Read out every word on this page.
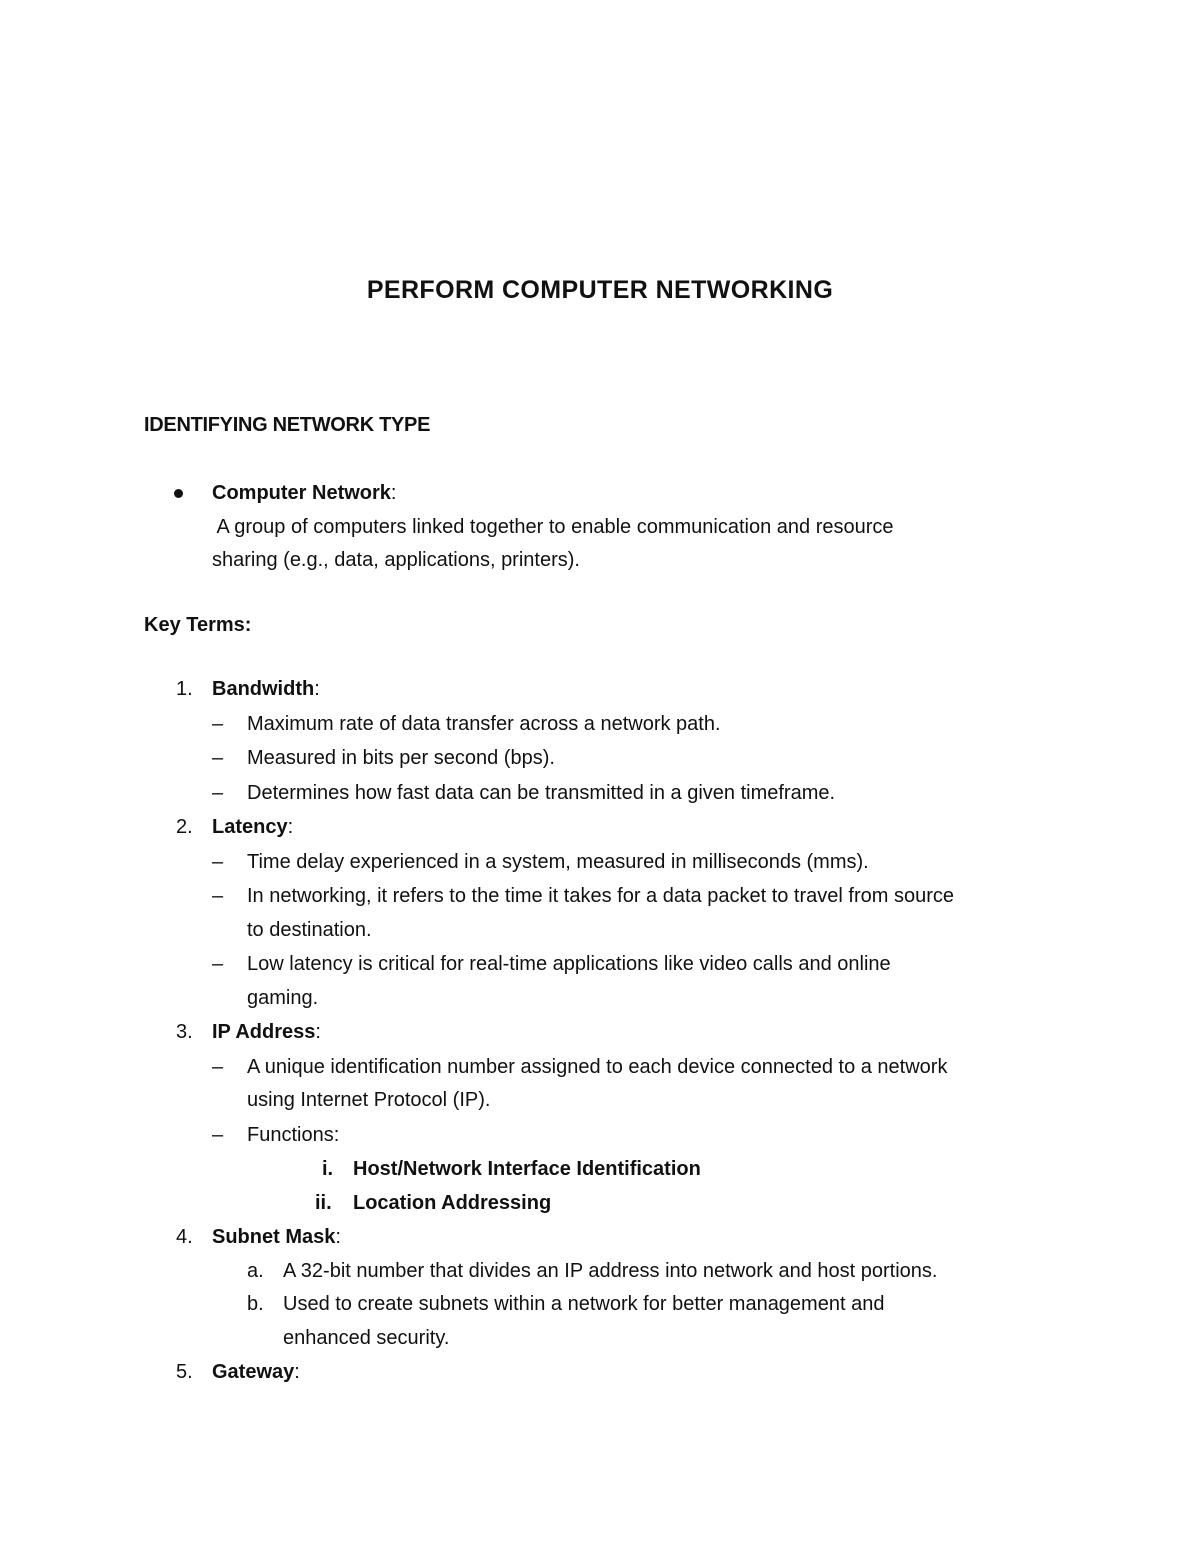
PERFORM COMPUTER NETWORKING
IDENTIFYING NETWORK TYPE

Computer Network:

A group of computers linked together to enable communication and resource

sharing (e.g., data, applications, printers).

Key Terms:

1. Bandwidth:

– Maximum rate of data transfer across a network path.

– Measured in bits per second (bps).

– Determines how fast data can be transmitted in a given timeframe.

2. Latency:

– Time delay experienced in a system, measured in milliseconds (mms).

– In networking, it refers to the time it takes for a data packet to travel from source

to destination.

– Low latency is critical for real-time applications like video calls and online

gaming.

3. IP Address:

– A unique identification number assigned to each device connected to a network

using Internet Protocol (IP).

– Functions:

i. Host/Network Interface Identification

ii. Location Addressing

4. Subnet Mask:

a. A 32-bit number that divides an IP address into network and host portions.

b. Used to create subnets within a network for better management and

enhanced security.

5. Gateway:
